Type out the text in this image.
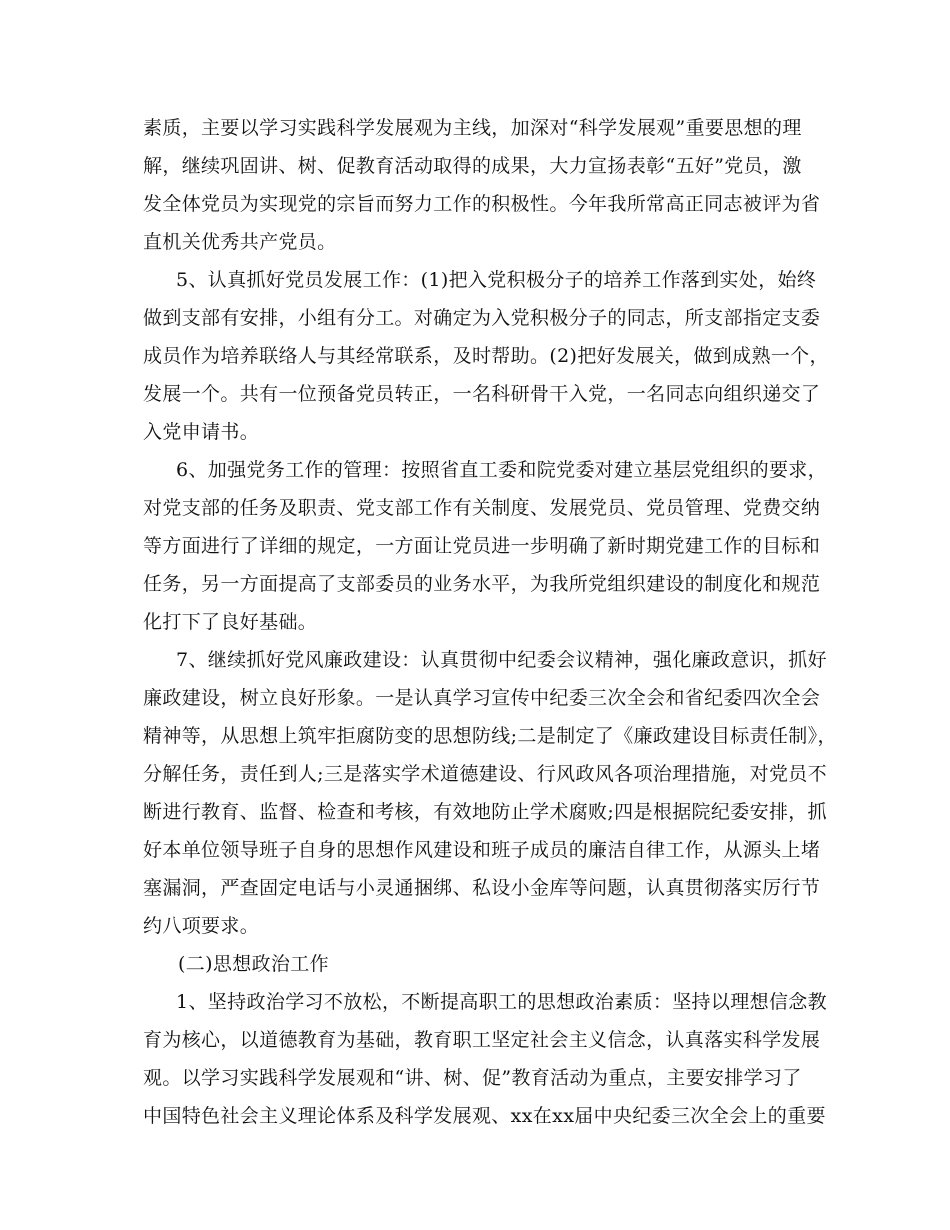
素质，主要以学习实践科学发展观为主线，加深对“科学发展观”重要思想的理
解，继续巩固讲、树、促教育活动取得的成果，大力宣扬表彰“五好”党员，激
发全体党员为实现党的宗旨而努力工作的积极性。今年我所常高正同志被评为省
直机关优秀共产党员。
5、认真抓好党员发展工作：(1)把入党积极分子的培养工作落到实处，始终
做到支部有安排，小组有分工。对确定为入党积极分子的同志，所支部指定支委
成员作为培养联络人与其经常联系，及时帮助。(2)把好发展关，做到成熟一个，
发展一个。共有一位预备党员转正，一名科研骨干入党，一名同志向组织递交了
入党申请书。
6、加强党务工作的管理：按照省直工委和院党委对建立基层党组织的要求，
对党支部的任务及职责、党支部工作有关制度、发展党员、党员管理、党费交纳
等方面进行了详细的规定，一方面让党员进一步明确了新时期党建工作的目标和
任务，另一方面提高了支部委员的业务水平，为我所党组织建设的制度化和规范
化打下了良好基础。
7、继续抓好党风廉政建设：认真贯彻中纪委会议精神，强化廉政意识，抓好
廉政建设，树立良好形象。一是认真学习宣传中纪委三次全会和省纪委四次全会
精神等，从思想上筑牢拒腐防变的思想防线;二是制定了《廉政建设目标责任制》，
分解任务，责任到人;三是落实学术道德建设、行风政风各项治理措施，对党员不
断进行教育、监督、检查和考核，有效地防止学术腐败;四是根据院纪委安排，抓
好本单位领导班子自身的思想作风建设和班子成员的廉洁自律工作，从源头上堵
塞漏洞，严查固定电话与小灵通捆绑、私设小金库等问题，认真贯彻落实厉行节
约八项要求。
(二)思想政治工作
1、坚持政治学习不放松，不断提高职工的思想政治素质：坚持以理想信念教
育为核心，以道德教育为基础，教育职工坚定社会主义信念，认真落实科学发展
观。以学习实践科学发展观和“讲、树、促”教育活动为重点，主要安排学习了
中国特色社会主义理论体系及科学发展观、xx在xx届中央纪委三次全会上的重要
